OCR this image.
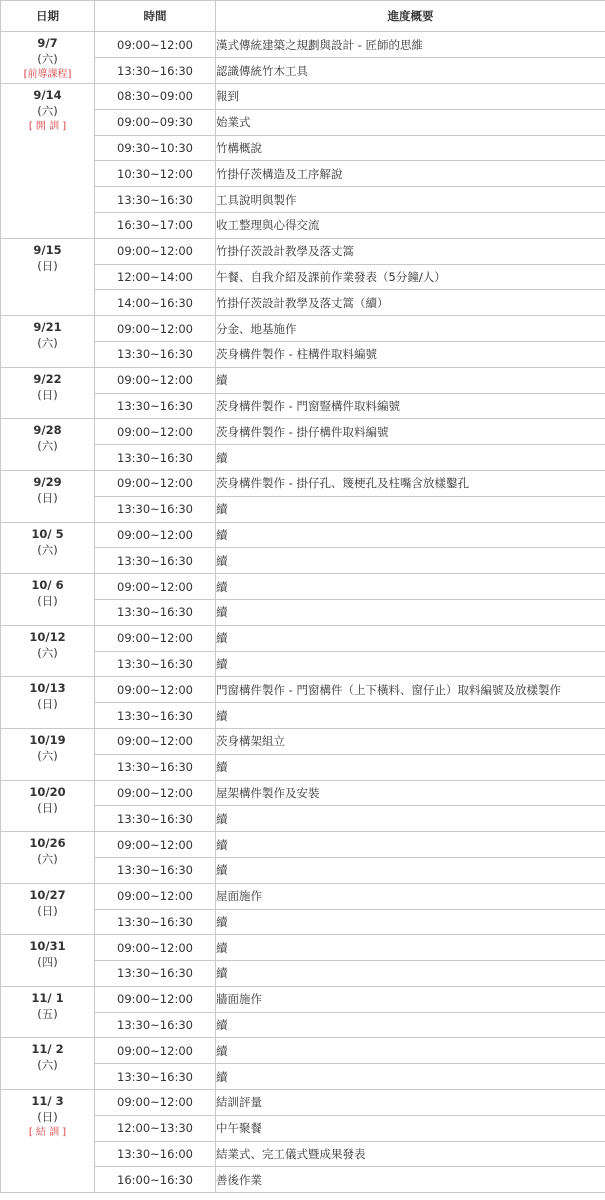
日期	時間	進度概要

9/7
(六)
[前導課程]	09:00~12:00	漢式傳統建築之規劃與設計 - 匠師的思維
	13:30~16:30	認識傳統竹木工具

9/14
(六)
[ 開 訓 ]	08:30~09:00	報到
	09:00~09:30	始業式
	09:30~10:30	竹構概說
	10:30~12:00	竹掛仔茨構造及工序解說
	13:30~16:30	工具說明與製作
	16:30~17:00	收工整理與心得交流

9/15
(日)	09:00~12:00	竹掛仔茨設計教學及落丈篙
	12:00~14:00	午餐、自我介紹及課前作業發表（5分鐘/人）
	14:00~16:30	竹掛仔茨設計教學及落丈篙（續）

9/21
(六)	09:00~12:00	分金、地基施作
	13:30~16:30	茨身構件製作 - 柱構件取料編號

9/22
(日)	09:00~12:00	續
	13:30~16:30	茨身構件製作 - 門窗豎構件取料編號

9/28
(六)	09:00~12:00	茨身構件製作 - 掛仔構件取料編號
	13:30~16:30	續

9/29
(日)	09:00~12:00	茨身構件製作 - 掛仔孔、篾梗孔及柱嘴含放樣鑿孔
	13:30~16:30	續

10/ 5
(六)	09:00~12:00	續
	13:30~16:30	續

10/ 6
(日)	09:00~12:00	續
	13:30~16:30	續

10/12
(六)	09:00~12:00	續
	13:30~16:30	續

10/13
(日)	09:00~12:00	門窗構件製作 - 門窗構件（上下橫料、窗仔止）取料編號及放樣製作
	13:30~16:30	續

10/19
(六)	09:00~12:00	茨身構架組立
	13:30~16:30	續

10/20
(日)	09:00~12:00	屋架構件製作及安裝
	13:30~16:30	續

10/26
(六)	09:00~12:00	續
	13:30~16:30	續

10/27
(日)	09:00~12:00	屋面施作
	13:30~16:30	續

10/31
(四)	09:00~12:00	續
	13:30~16:30	續

11/ 1
(五)	09:00~12:00	牆面施作
	13:30~16:30	續

11/ 2
(六)	09:00~12:00	續
	13:30~16:30	續

11/ 3
(日)
[ 結 訓 ]	09:00~12:00	結訓評量
	12:00~13:30	中午聚餐
	13:30~16:00	結業式、完工儀式暨成果發表
	16:00~16:30	善後作業
